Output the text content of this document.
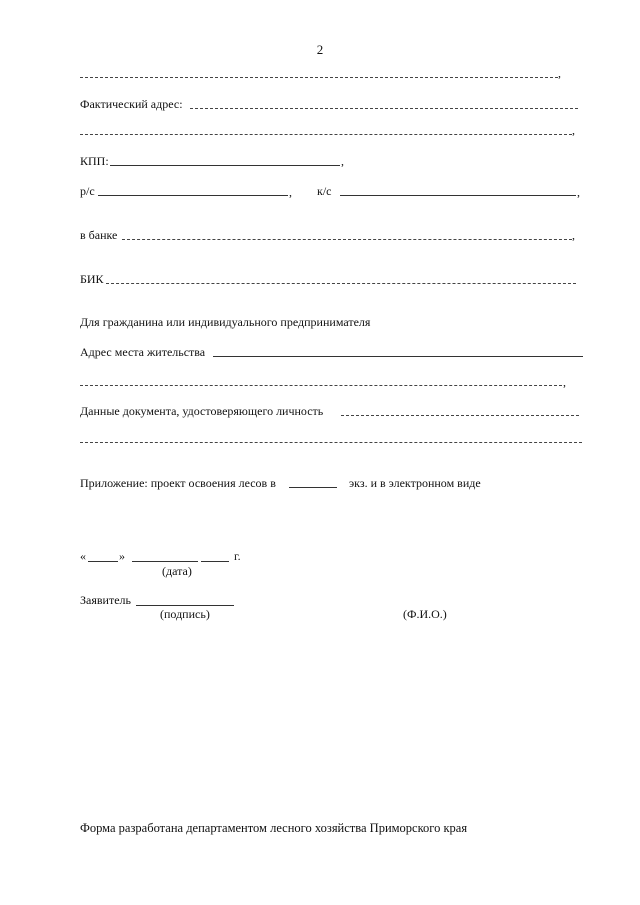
2
,
Фактический адрес:
,
КПП:	,
р/с	, к/с	,
в банке	,
БИК
Для гражданина или индивидуального предпринимателя
Адрес места жительства
,
Данные документа, удостоверяющего личность
Приложение: проект освоения лесов в	экз. и в электронном виде
«	»	г.
(дата)
Заявитель
(подпись)	(Ф.И.О.)
Форма разработана департаментом лесного хозяйства Приморского края
